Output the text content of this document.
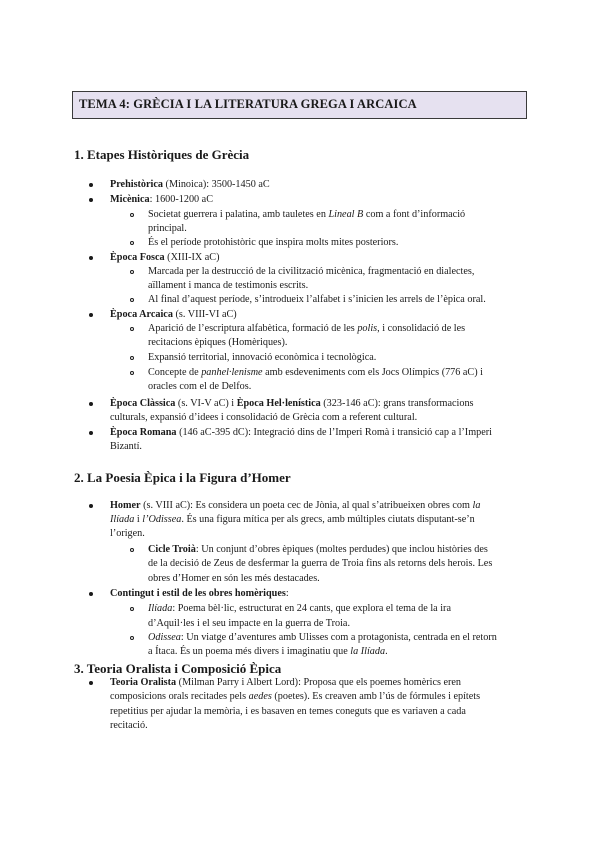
TEMA 4: GRÈCIA I LA LITERATURA GREGA I ARCAICA
1. Etapes Històriques de Grècia
Prehistòrica (Minoica): 3500-1450 aC
Micènica: 1600-1200 aC
Societat guerrera i palatina, amb tauletes en Lineal B com a font d’informació
principal.
És el període protohistòric que inspira molts mites posteriors.
Època Fosca (XIII-IX aC)
Marcada per la destrucció de la civilització micènica, fragmentació en dialectes,
aïllament i manca de testimonis escrits.
Al final d’aquest període, s’introdueix l’alfabet i s’inicien les arrels de l’èpica oral.
Època Arcaica (s. VIII-VI aC)
Aparició de l’escriptura alfabètica, formació de les polis, i consolidació de les
recitacions èpiques (Homèriques).
Expansió territorial, innovació econòmica i tecnològica.
Concepte de panhel·lenisme amb esdeveniments com els Jocs Olímpics (776 aC) i
oracles com el de Delfos.
Època Clàssica (s. VI-V aC) i Època Hel·lenística (323-146 aC): grans transformacions
culturals, expansió d’idees i consolidació de Grècia com a referent cultural.
Època Romana (146 aC-395 dC): Integració dins de l’Imperi Romà i transició cap a l’Imperi
Bizantí.
2. La Poesia Èpica i la Figura d’Homer
Homer (s. VIII aC): Es considera un poeta cec de Jònia, al qual s’atribueixen obres com la
Ilíada i l’Odissea. És una figura mítica per als grecs, amb múltiples ciutats disputant-se’n
l’origen.
Cicle Troià: Un conjunt d’obres èpiques (moltes perdudes) que inclou històries des
de la decisió de Zeus de desfermar la guerra de Troia fins als retorns dels herois. Les
obres d’Homer en són les més destacades.
Contingut i estil de les obres homèriques:
Ilíada: Poema bèl·lic, estructurat en 24 cants, que explora el tema de la ira
d’Aquil·les i el seu impacte en la guerra de Troia.
Odissea: Un viatge d’aventures amb Ulisses com a protagonista, centrada en el retorn
a Ítaca. És un poema més divers i imaginatiu que la Ilíada.
3. Teoria Oralista i Composició Èpica
Teoria Oralista (Milman Parry i Albert Lord): Proposa que els poemes homèrics eren
composicions orals recitades pels aedes (poetes). Es creaven amb l’ús de fórmules i epítets
repetitius per ajudar la memòria, i es basaven en temes coneguts que es variaven a cada
recitació.
